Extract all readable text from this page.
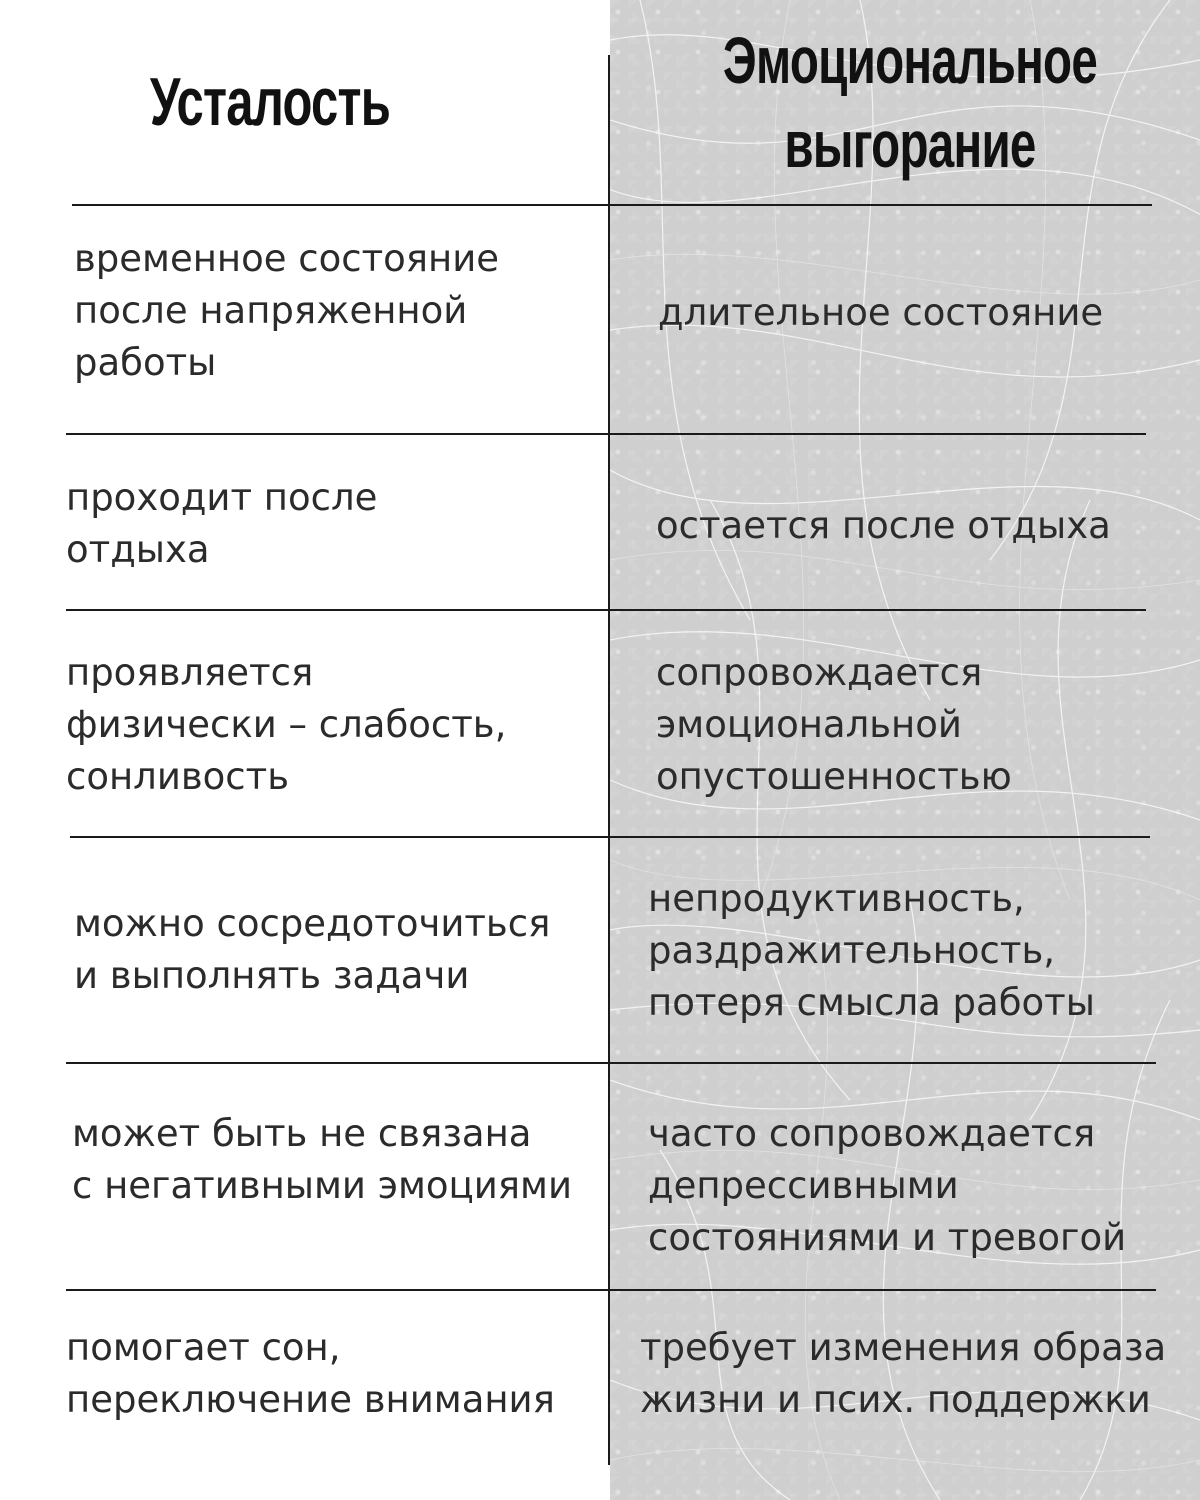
Усталость
Эмоциональное
выгорание
временное состояние
после напряженной
работы
длительное состояние
проходит после
отдыха
остается после отдыха
проявляется
физически – слабость,
сонливость
сопровождается
эмоциональной
опустошенностью
можно сосредоточиться
и выполнять задачи
непродуктивность,
раздражительность,
потеря смысла работы
может быть не связана
с негативными эмоциями
часто сопровождается
депрессивными
состояниями и тревогой
помогает сон,
переключение внимания
требует изменения образа
жизни и псих. поддержки
